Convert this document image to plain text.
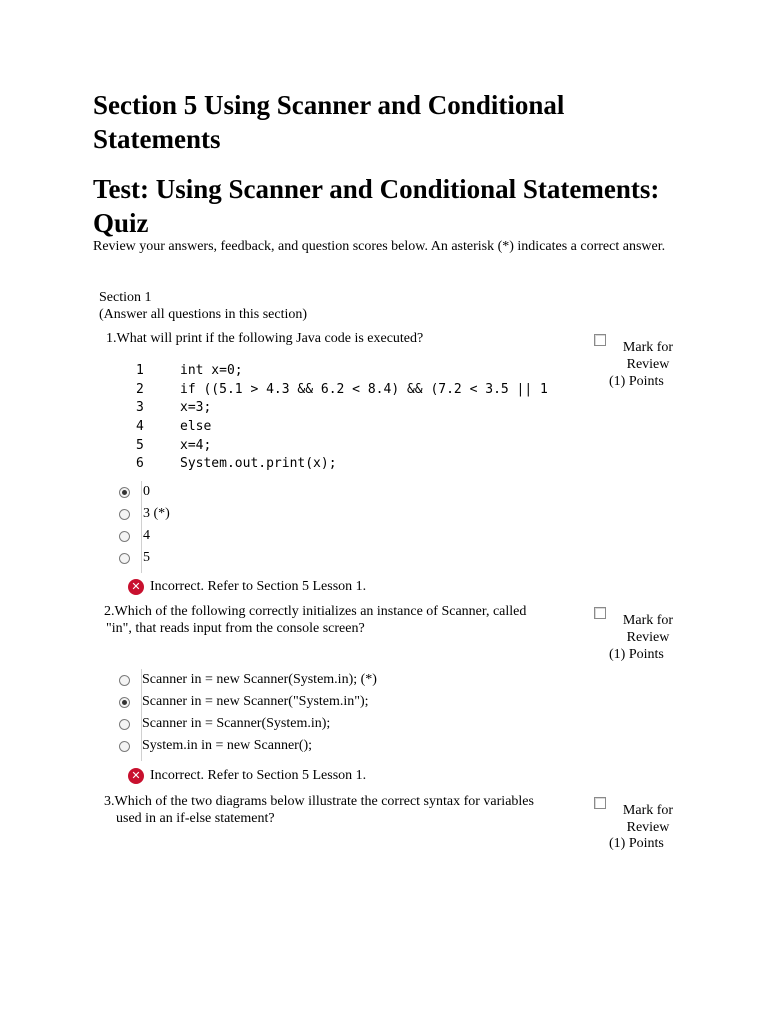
Section 5 Using Scanner and Conditional Statements
Test: Using Scanner and Conditional Statements: Quiz
Review your answers, feedback, and question scores below. An asterisk (*) indicates a correct answer.
Section 1
(Answer all questions in this section)
1.What will print if the following Java code is executed?
Mark for
Review
(1) Points
1	int x=0;
2	if ((5.1 > 4.3 && 6.2 < 8.4) && (7.2 < 3.5 || 1
3	x=3;
4	else
5	x=4;
6	System.out.print(x);
0
3 (*)
4
5
✕ Incorrect. Refer to Section 5 Lesson 1.
2.Which of the following correctly initializes an instance of Scanner, called
"in", that reads input from the console screen?
Mark for
Review
(1) Points
Scanner in = new Scanner(System.in); (*)
Scanner in = new Scanner("System.in");
Scanner in = Scanner(System.in);
System.in in = new Scanner();
✕ Incorrect. Refer to Section 5 Lesson 1.
3.Which of the two diagrams below illustrate the correct syntax for variables
used in an if-else statement?
Mark for
Review
(1) Points
